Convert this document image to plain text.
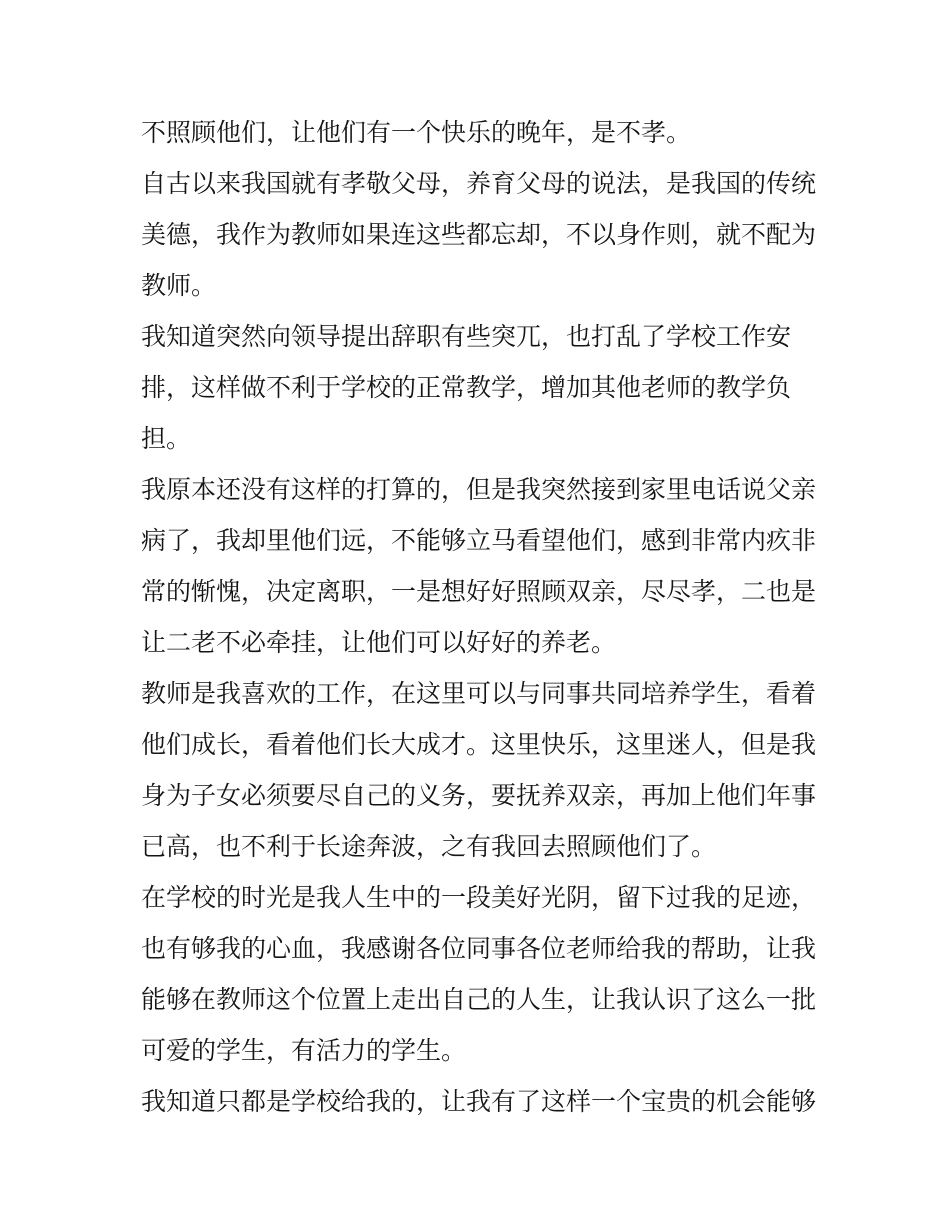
不照顾他们，让他们有一个快乐的晚年，是不孝。
自古以来我国就有孝敬父母，养育父母的说法，是我国的传统
美德，我作为教师如果连这些都忘却，不以身作则，就不配为
教师。
我知道突然向领导提出辞职有些突兀，也打乱了学校工作安
排，这样做不利于学校的正常教学，增加其他老师的教学负
担。
我原本还没有这样的打算的，但是我突然接到家里电话说父亲
病了，我却里他们远，不能够立马看望他们，感到非常内疚非
常的惭愧，决定离职，一是想好好照顾双亲，尽尽孝，二也是
让二老不必牵挂，让他们可以好好的养老。
教师是我喜欢的工作，在这里可以与同事共同培养学生，看着
他们成长，看着他们长大成才。这里快乐，这里迷人，但是我
身为子女必须要尽自己的义务，要抚养双亲，再加上他们年事
已高，也不利于长途奔波，之有我回去照顾他们了。
在学校的时光是我人生中的一段美好光阴，留下过我的足迹，
也有够我的心血，我感谢各位同事各位老师给我的帮助，让我
能够在教师这个位置上走出自己的人生，让我认识了这么一批
可爱的学生，有活力的学生。
我知道只都是学校给我的，让我有了这样一个宝贵的机会能够
